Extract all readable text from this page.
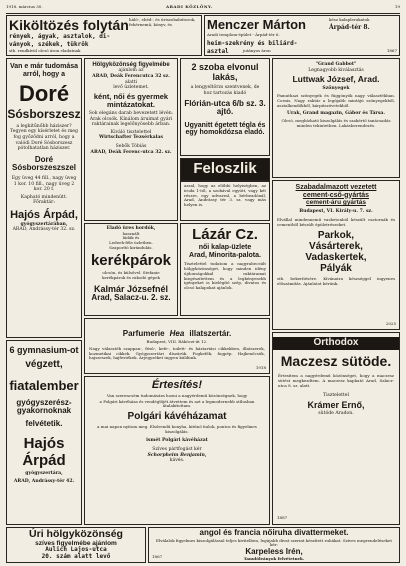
1918. március 30.	ARADI KÖZLÖNY.	19
Kiköltözés folytán háló-, ebéd-, és úriszobabútorok, fehérnemű, könyv, és
rények, ágyak, asztalok, di-
ványok, székek, tükrök
stb. rendkívül olcsó áron eladatnak
Menczer Márton	kész kalaplerakatok
Árpád-tér 8.
Aradi templom-épület - Árpád-tér 6.
heim-szekrény és biliárd-
asztal	jutányos áron	1867
Van e már tudomása
arról, hogy a
Doré
Sósborszesz
a legkitűnőbb háziszer? Tegyen egy kísérletet és meg fog győződni arról, hogy a valódi Doré Sósborszesz pótolhatatlan háziszer.
Doré Sósborszeszszel
Egy üveg 44 fill., nagy üveg 1 kor. 10 fill., nagy üveg 2 kor. 20 f.
Kapható mindenütt. Főraktár:
Hajós Árpád,
gyógyszertárában,
ARAD, Andrássy-tér 32. sz.
Hölgyközönség figyelmébe
ajánlom az
ARAD, Deák Ferencutca 32 sz.
alatti
levő üzletemet.
ként, női és gyermek
mintázatokat.
Sok elegáns darab bevezetett lévén. Árak olcsók. Kínálom áruimat gyári raktárainak legelőnyösebb árban.
Kiváló tisztelettel
Wirtschafter Tezsérkalas
Sebők Tóbiás
ARAD, Deák Ferenc-utca 32. sz.
2 szoba elvonul lakás,
a lengyeltörzs szentvenek, de
hoz tartozás kiadó
Flórián-utca 6/b sz. 3. ajtó.
Ugyanitt égetett tégla és
egy homokdózsa eladó.
Feloszlik
azzal, hogy az előbbi helyiségben, az iroda 1-től, a szobával együtt, vagy két részre, egy udvarral, a bérbeadónál, Arad, Andrássy tér 3. sz. vagy más helyen is.
"Grand Gabbot"
Legnagyobb kiválasztás
Luttwak József, Arad.
Szőnyegek
Pamuthazi szőnyegek és függönyök nagy választékban. Cornis. Nagy raktár a legújabb mintájú szőnyegekből, asztalkendőkből, kárpitszövetekből.
Urak, Grand magazin, Gábor és Társa.
Olcsó, megbízható kiszolgálás és szakértő tanácsadás minden tekintetben. Lakásberendezés.
Szabadalmazott vezetett
cement-cső-gyártás
cement-áru gyártás
Budapest, VI. Király-u. 7. sz.
Elvállal mindennemű vasbetonból készült csatornák és cementből készült épületrészeket.
Parkok,
Vásárterek,
Vadaskertek,
Pályák
stb. bekerítésére. Kívánatra készséggel ingyenes előszámítás. Ajánlatot kérünk.
2025
Lázár Cz.
női kalap-üzlete
Arad, Minorita-palota.
Tisztelettel tudatom a nagyrabecsült hölgyközönséget, hogy minden idény újdonságokkal raktáramat kiegészítettem és a legkényesebb igényeket is kielégítő szép, divatos és olcsó kalapokat ajánlok.
Eladó üres hordók,
használt
ládák és
Ledeeh-féle üzletben.
Szaporító kirándulás.
kerékpárok
olcsón, és külsővel. Stefanie
kerékpárok és rakodó gépek
Kalmár Józsefnél
Arad, Salacz-u. 2. sz.
Parfumerie Hea illatszertár.
Budapest, VIII. Rákóczi-út 12.
Nagy választék szappan-, fésű-, kefe-, toilett- és háztartási cikkekben, illatszerek, kozmetikai cikkek. Gyógyszertári díszárúk. Fogkefék, fogpép. Hajkenőcsök, hajszeszek, hajfestékek. Árjegyzéket ingyen küldünk.
1918
6 gymnasium-ot
végzett,
fiatalember
gyógyszerész-
gyakornoknak
felvétetik.
Hajós Árpád
gyógyszertára,
ARAD, Andrássy-tér 42.
Értesítés!
Van szerencsém tudomására hozni a nagyérdemű közönségnek, hogy
a Polgári kávéháza és vendéglőjét átvettem és azt a legmodernebb stílusban átalakítottam.
Polgári kávéházamat
a mai napon nyitom meg. Elsőrendű konyha, kitűnő italok, pontos és figyelmes kiszolgálás.
ismét Polgári kávéházat
Szíves pártfogást kér
Schorpheim Benjamin,
kávés.
Orthodox
Maczesz sütöde.
Értesítem a nagyérdemű közönséget, hogy a maczesz sütést megkezdtem. A maczesz kapható Arad, Salacz-utca 8. sz. alatt.
Tisztelettel
Krámer Ernő,
sütöde Aradon.
1887
Úri hölgyközönség
szíves figyelmébe ajánlom
Aulich Lajos-utca
20. szám alatt levő
angol és francia nőiruha divattermeket.
Elválalok figyelmes kiszolgálással teljes kivitelben, legújabb divat szerint készített ruhákat. Szíves megrendeléseket kér:
Karpeless Irén,
Tanulóleányok felvétetnek.
1867
